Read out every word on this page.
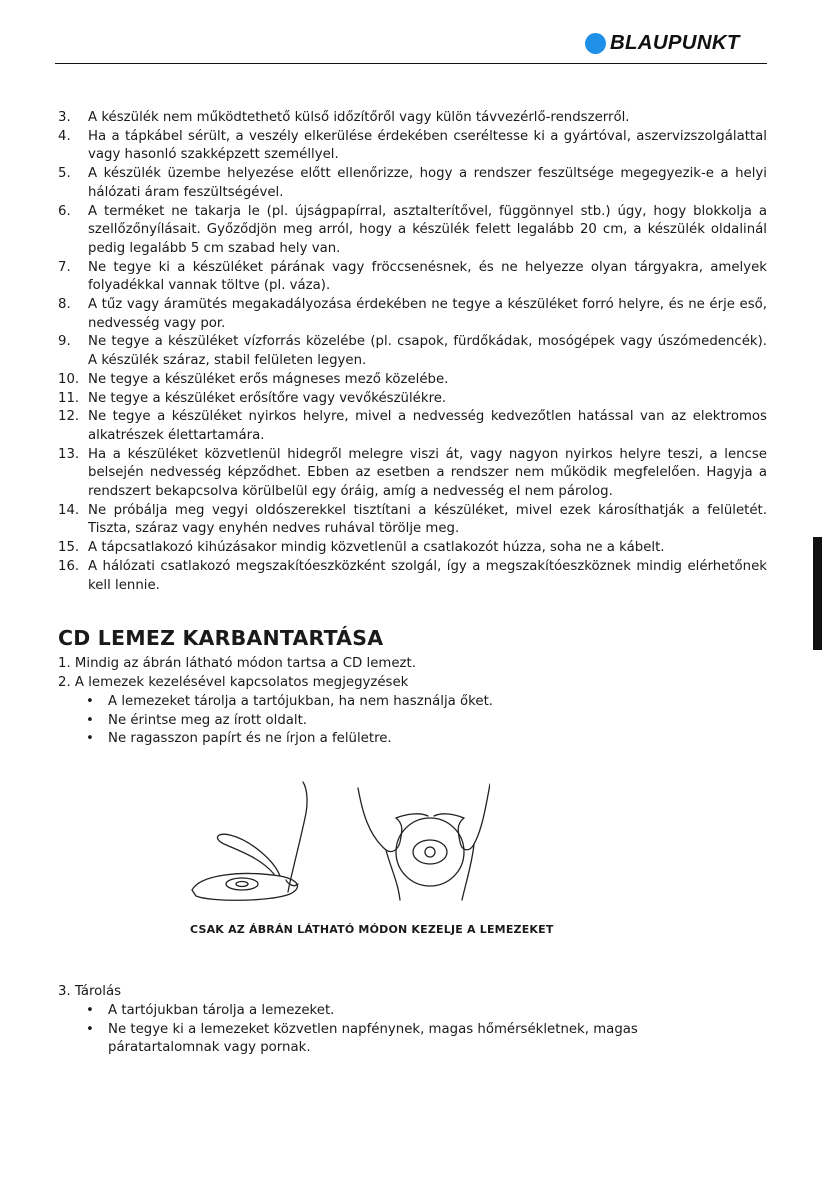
BLAUPUNKT
3.	A készülék nem működtethető külső időzítőről vagy külön távvezérlő-rendszerről.
4.	Ha a tápkábel sérült, a veszély elkerülése érdekében cseréltesse ki a gyártóval, aszervizszolgálattal vagy hasonló szakképzett személlyel.
5.	A készülék üzembe helyezése előtt ellenőrizze, hogy a rendszer feszültsége megegyezik-e a helyi hálózati áram feszültségével.
6.	A terméket ne takarja le (pl. újságpapírral, asztalterítővel, függönnyel stb.) úgy, hogy blokkolja a szellőzőnyílásait. Győződjön meg arról, hogy a készülék felett legalább 20 cm, a készülék oldalinál pedig legalább 5 cm szabad hely van.
7.	Ne tegye ki a készüléket párának vagy fröccsenésnek, és ne helyezze olyan tárgyakra, amelyek folyadékkal vannak töltve (pl. váza).
8.	A tűz vagy áramütés megakadályozása érdekében ne tegye a készüléket forró helyre, és ne érje eső, nedvesség vagy por.
9.	Ne tegye a készüléket vízforrás közelébe (pl. csapok, fürdőkádak, mosógépek vagy úszómedencék). A készülék száraz, stabil felületen legyen.
10. Ne tegye a készüléket erős mágneses mező közelébe.
11. Ne tegye a készüléket erősítőre vagy vevőkészülékre.
12. Ne tegye a készüléket nyirkos helyre, mivel a nedvesség kedvezőtlen hatással van az elektromos alkatrészek élettartamára.
13. Ha a készüléket közvetlenül hidegről melegre viszi át, vagy nagyon nyirkos helyre teszi, a lencse belsején nedvesség képződhet. Ebben az esetben a rendszer nem működik megfelelően. Hagyja a rendszert bekapcsolva körülbelül egy óráig, amíg a nedvesség el nem párolog.
14. Ne próbálja meg vegyi oldószerekkel tisztítani a készüléket, mivel ezek károsíthatják a felületét. Tiszta, száraz vagy enyhén nedves ruhával törölje meg.
15. A tápcsatlakozó kihúzásakor mindig közvetlenül a csatlakozót húzza, soha ne a kábelt.
16. A hálózati csatlakozó megszakítóeszközként szolgál, így a megszakítóeszköznek mindig elérhetőnek kell lennie.
CD LEMEZ KARBANTARTÁSA
1. Mindig az ábrán látható módon tartsa a CD lemezt.
2. A lemezek kezelésével kapcsolatos megjegyzések
•	A lemezeket tárolja a tartójukban, ha nem használja őket.
•	Ne érintse meg az írott oldalt.
•	Ne ragasszon papírt és ne írjon a felületre.
CSAK AZ ÁBRÁN LÁTHATÓ MÓDON KEZELJE A LEMEZEKET
3. Tárolás
•	A tartójukban tárolja a lemezeket.
•	Ne tegye ki a lemezeket közvetlen napfénynek, magas hőmérsékletnek, magas páratartalomnak vagy pornak.
